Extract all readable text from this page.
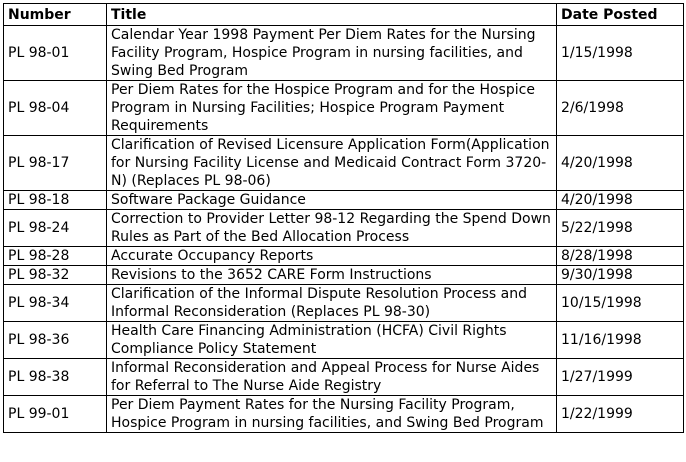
Number	Title	Date Posted
PL 98-01	Calendar Year 1998 Payment Per Diem Rates for the Nursing Facility Program, Hospice Program in nursing facilities, and Swing Bed Program	1/15/1998
PL 98-04	Per Diem Rates for the Hospice Program and for the Hospice Program in Nursing Facilities; Hospice Program Payment Requirements	2/6/1998
PL 98-17	Clarification of Revised Licensure Application Form(Application for Nursing Facility License and Medicaid Contract Form 3720-N) (Replaces PL 98-06)	4/20/1998
PL 98-18	Software Package Guidance	4/20/1998
PL 98-24	Correction to Provider Letter 98-12 Regarding the Spend Down Rules as Part of the Bed Allocation Process	5/22/1998
PL 98-28	Accurate Occupancy Reports	8/28/1998
PL 98-32	Revisions to the 3652 CARE Form Instructions	9/30/1998
PL 98-34	Clarification of the Informal Dispute Resolution Process and Informal Reconsideration (Replaces PL 98-30)	10/15/1998
PL 98-36	Health Care Financing Administration (HCFA) Civil Rights Compliance Policy Statement	11/16/1998
PL 98-38	Informal Reconsideration and Appeal Process for Nurse Aides for Referral to The Nurse Aide Registry	1/27/1999
PL 99-01	Per Diem Payment Rates for the Nursing Facility Program, Hospice Program in nursing facilities, and Swing Bed Program	1/22/1999
